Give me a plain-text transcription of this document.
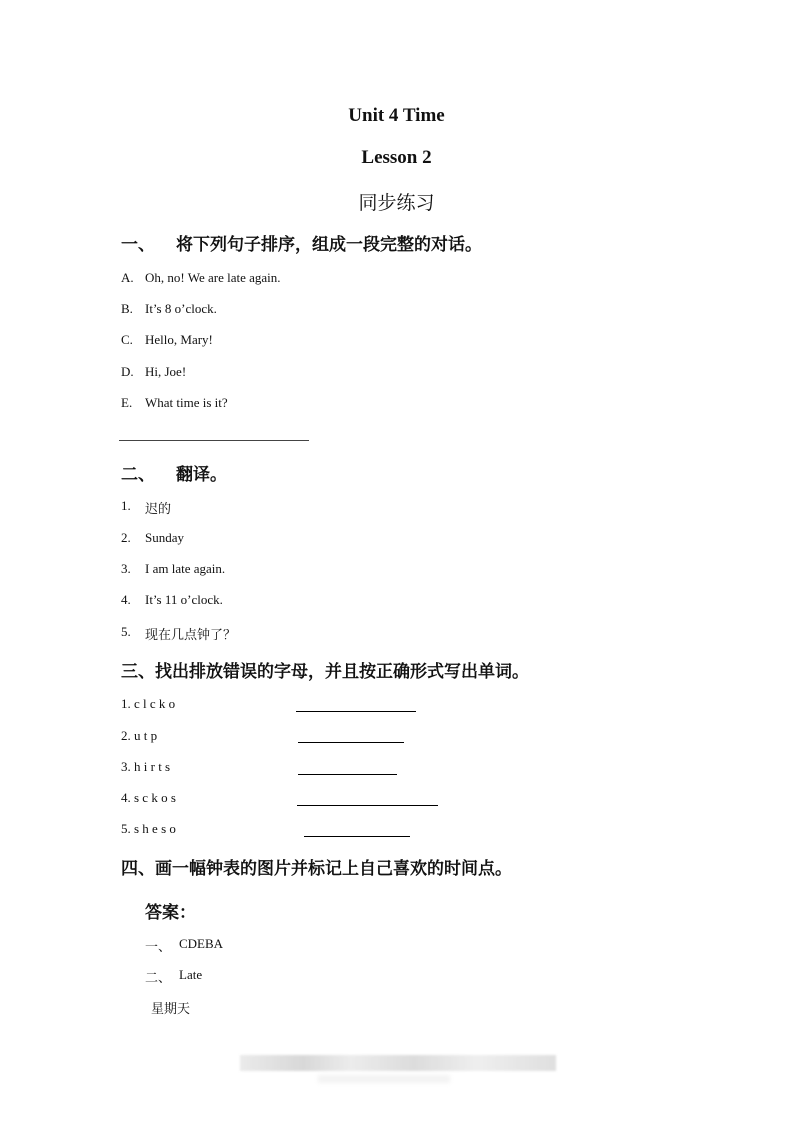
Unit 4 Time
Lesson 2
同步练习
一、 将下列句子排序，组成一段完整的对话。
A. Oh, no! We are late again.
B. It’s 8 o’clock.
C. Hello, Mary!
D. Hi, Joe!
E. What time is it?
二、 翻译。
1. 迟的
2. Sunday
3. I am late again.
4. It’s 11 o’clock.
5. 现在几点钟了？
三、找出排放错误的字母，并且按正确形式写出单词。
1. c l c k o
2. u t p
3. h i r t s
4. s c k o s
5. s h e s o
四、画一幅钟表的图片并标记上自己喜欢的时间点。
答案：
一、 CDEBA
二、 Late
星期天
